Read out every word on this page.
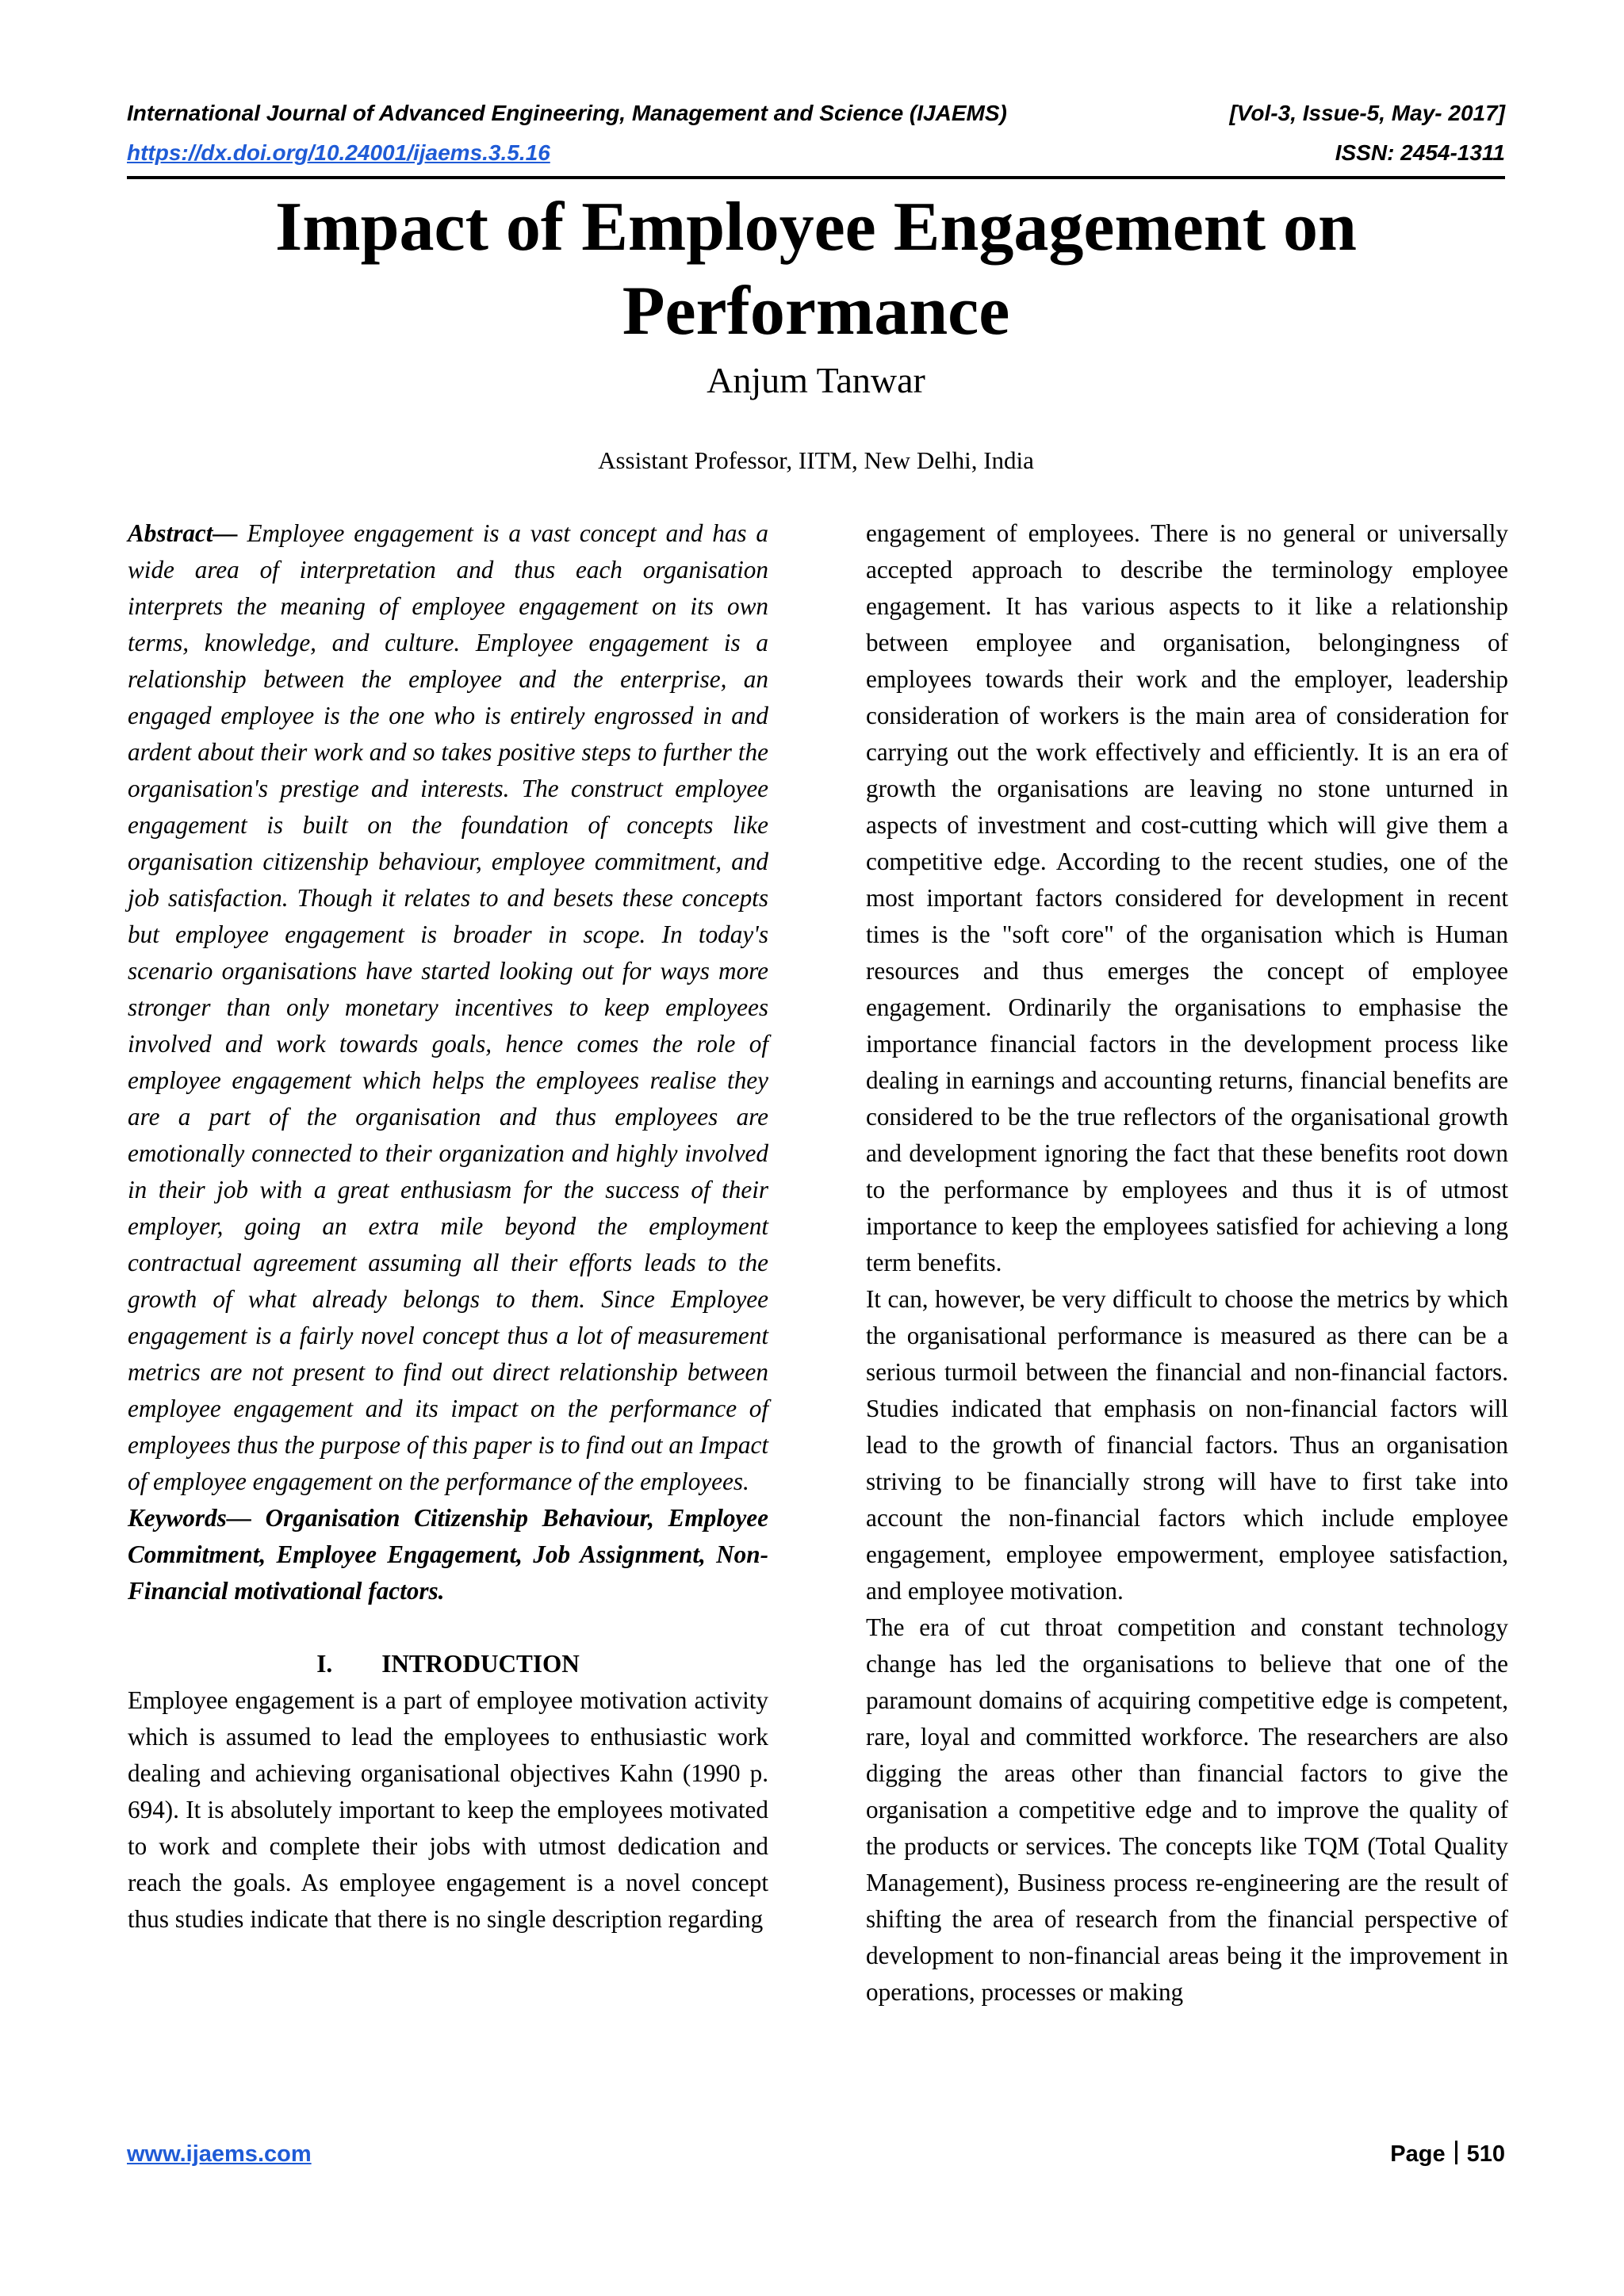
International Journal of Advanced Engineering, Management and Science (IJAEMS)	[Vol-3, Issue-5, May- 2017]
https://dx.doi.org/10.24001/ijaems.3.5.16	ISSN: 2454-1311
Impact of Employee Engagement on
Performance
Anjum Tanwar
Assistant Professor, IITM, New Delhi, India

Abstract— Employee engagement is a vast concept and has a wide area of interpretation and thus each organisation interprets the meaning of employee engagement on its own terms, knowledge, and culture. Employee engagement is a relationship between the employee and the enterprise, an engaged employee is the one who is entirely engrossed in and ardent about their work and so takes positive steps to further the organisation's prestige and interests. The construct employee engagement is built on the foundation of concepts like organisation citizenship behaviour, employee commitment, and job satisfaction. Though it relates to and besets these concepts but employee engagement is broader in scope. In today's scenario organisations have started looking out for ways more stronger than only monetary incentives to keep employees involved and work towards goals, hence comes the role of employee engagement which helps the employees realise they are a part of the organisation and thus employees are emotionally connected to their organization and highly involved in their job with a great enthusiasm for the success of their employer, going an extra mile beyond the employment contractual agreement assuming all their efforts leads to the growth of what already belongs to them. Since Employee engagement is a fairly novel concept thus a lot of measurement metrics are not present to find out direct relationship between employee engagement and its impact on the performance of employees thus the purpose of this paper is to find out an Impact of employee engagement on the performance of the employees.

Keywords— Organisation Citizenship Behaviour, Employee Commitment, Employee Engagement, Job Assignment, Non-Financial motivational factors.

I. INTRODUCTION

Employee engagement is a part of employee motivation activity which is assumed to lead the employees to enthusiastic work dealing and achieving organisational objectives Kahn (1990 p. 694). It is absolutely important to keep the employees motivated to work and complete their jobs with utmost dedication and reach the goals. As employee engagement is a novel concept thus studies indicate that there is no single description regarding

engagement of employees. There is no general or universally accepted approach to describe the terminology employee engagement. It has various aspects to it like a relationship between employee and organisation, belongingness of employees towards their work and the employer, leadership consideration of workers is the main area of consideration for carrying out the work effectively and efficiently. It is an era of growth the organisations are leaving no stone unturned in aspects of investment and cost-cutting which will give them a competitive edge. According to the recent studies, one of the most important factors considered for development in recent times is the "soft core" of the organisation which is Human resources and thus emerges the concept of employee engagement. Ordinarily the organisations to emphasise the importance financial factors in the development process like dealing in earnings and accounting returns, financial benefits are considered to be the true reflectors of the organisational growth and development ignoring the fact that these benefits root down to the performance by employees and thus it is of utmost importance to keep the employees satisfied for achieving a long term benefits.

It can, however, be very difficult to choose the metrics by which the organisational performance is measured as there can be a serious turmoil between the financial and non-financial factors. Studies indicated that emphasis on non-financial factors will lead to the growth of financial factors. Thus an organisation striving to be financially strong will have to first take into account the non-financial factors which include employee engagement, employee empowerment, employee satisfaction, and employee motivation.

The era of cut throat competition and constant technology change has led the organisations to believe that one of the paramount domains of acquiring competitive edge is competent, rare, loyal and committed workforce. The researchers are also digging the areas other than financial factors to give the organisation a competitive edge and to improve the quality of the products or services. The concepts like TQM (Total Quality Management), Business process re-engineering are the result of shifting the area of research from the financial perspective of development to non-financial areas being it the improvement in operations, processes or making

www.ijaems.com	Page 510
